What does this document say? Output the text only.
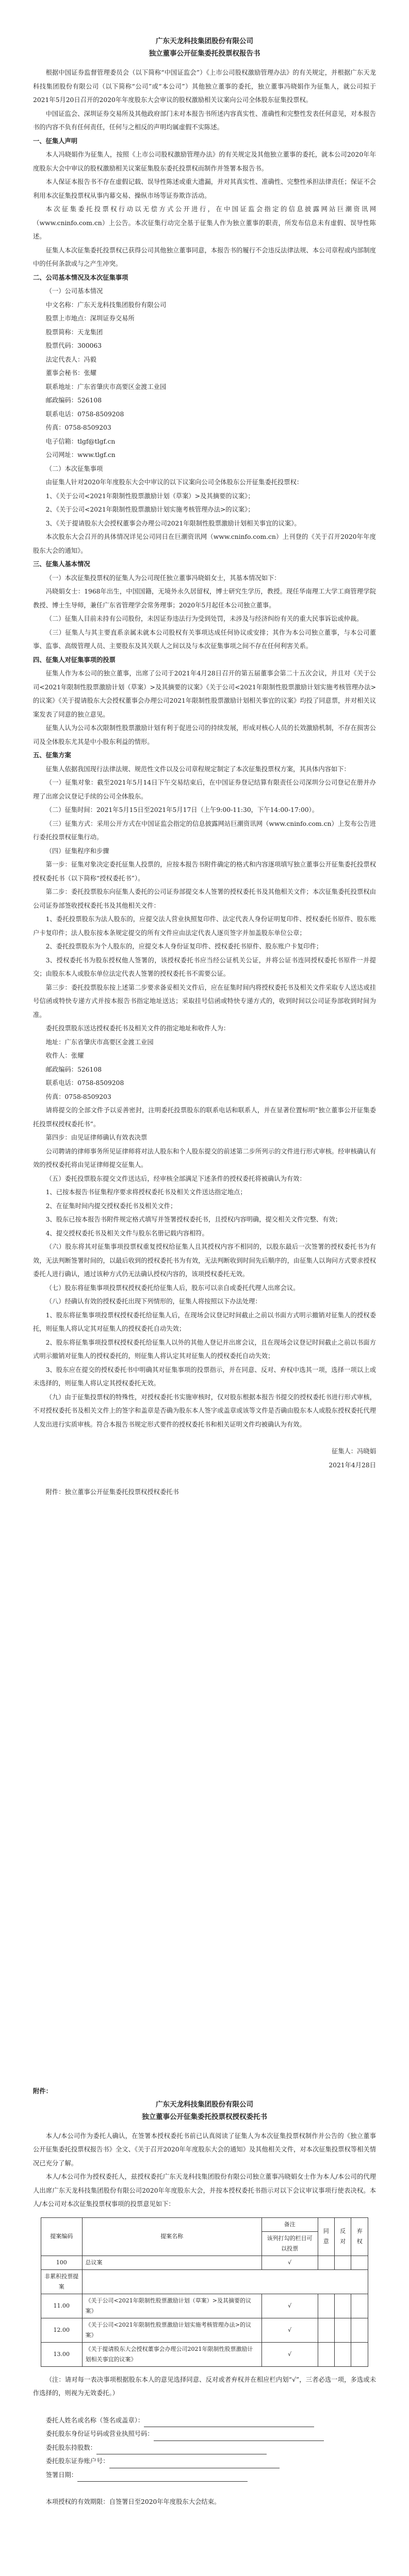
广东天龙科技集团股份有限公司
独立董事公开征集委托投票权报告书

根据中国证券监督管理委员会（以下简称“中国证监会”）《上市公司股权激励管理办法》的有关规定，并根据广东天龙科技集团股份有限公司（以下简称“公司”或“本公司”）其他独立董事的委托，独立董事冯晓娟作为征集人，就公司拟于2021年5月20日召开的2020年年度股东大会审议的股权激励相关议案向公司全体股东征集投票权。

中国证监会、深圳证券交易所及其他政府部门未对本报告书所述内容真实性、准确性和完整性发表任何意见，对本报告书的内容不负有任何责任，任何与之相反的声明均属虚假不实陈述。

一、征集人声明

本人冯晓娟作为征集人，按照《上市公司股权激励管理办法》的有关规定及其他独立董事的委托，就本公司2020年年度股东大会中审议的股权激励相关议案征集股东委托投票权而制作并签署本报告书。

本人保证本报告书不存在虚假记载、误导性陈述或重大遗漏，并对其真实性、准确性、完整性承担法律责任；保证不会利用本次征集投票权从事内幕交易、操纵市场等证券欺诈活动。

本次征集委托投票权行动以无偿方式公开进行，在中国证监会指定的信息披露网站巨潮资讯网（www.cninfo.com.cn）上公告。本次征集行动完全基于征集人作为独立董事的职责，所发布信息未有虚假、误导性陈述。

征集人本次征集委托投票权已获得公司其他独立董事同意，本报告书的履行不会违反法律法规、本公司章程或内部制度中的任何条款或与之产生冲突。

二、公司基本情况及本次征集事项

（一）公司基本情况

中文名称：广东天龙科技集团股份有限公司

股票上市地点：深圳证券交易所

股票简称：天龙集团

股票代码：300063

法定代表人：冯毅

董事会秘书：张耀

联系地址：广东省肇庆市高要区金渡工业园

邮政编码：526108

联系电话：0758-8509208

传真：0758-8509203

电子信箱：tlgf@tlgf.cn

公司网址：www.tlgf.cn

（二）本次征集事项

由征集人针对2020年年度股东大会中审议的以下议案向公司全体股东公开征集委托投票权：

1、《关于公司<2021年限制性股票激励计划（草案）>及其摘要的议案》；

2、《关于公司<2021年限制性股票激励计划实施考核管理办法>的议案》；

3、《关于提请股东大会授权董事会办理公司2021年限制性股票激励计划相关事宜的议案》。

本次股东大会召开的具体情况详见公司同日在巨潮资讯网（www.cninfo.com.cn）上刊登的《关于召开2020年年度股东大会的通知》。

三、征集人基本情况

（一）本次征集投票权的征集人为公司现任独立董事冯晓娟女士，其基本情况如下：

冯晓娟女士：1968年出生，中国国籍，无境外永久居留权，博士研究生学历，教授。现任华南理工大学工商管理学院教授、博士生导师，兼任广东省管理学会常务理事；2020年5月起任本公司独立董事。

（二）征集人目前未持有公司股份，未因证券违法行为受到处罚，未涉及与经济纠纷有关的重大民事诉讼或仲裁。

（三）征集人与其主要直系亲属未就本公司股权有关事项达成任何协议或安排；其作为本公司独立董事，与本公司董事、监事、高级管理人员、主要股东及其关联人之间以及与本次征集事项之间不存在任何利害关系。

四、征集人对征集事项的投票

征集人作为本公司的独立董事，出席了公司于2021年4月28日召开的第五届董事会第二十五次会议，并且对《关于公司<2021年限制性股票激励计划（草案）>及其摘要的议案》《关于公司<2021年限制性股票激励计划实施考核管理办法>的议案》《关于提请股东大会授权董事会办理公司2021年限制性股票激励计划相关事宜的议案》均投了同意票，并对相关议案发表了同意的独立意见。

征集人认为公司本次限制性股票激励计划有利于促进公司的持续发展，形成对核心人员的长效激励机制，不存在损害公司及全体股东尤其是中小股东利益的情形。

五、征集方案

征集人依据我国现行法律法规、规范性文件以及公司章程规定制定了本次征集投票权方案，其具体内容如下：

（一）征集对象：截至2021年5月14日下午交易结束后，在中国证券登记结算有限责任公司深圳分公司登记在册并办理了出席会议登记手续的公司全体股东。

（二）征集时间：2021年5月15日至2021年5月17日（上午9:00-11:30，下午14:00-17:00）。

（三）征集方式：采用公开方式在中国证监会指定的信息披露网站巨潮资讯网（www.cninfo.com.cn）上发布公告进行委托投票权征集行动。

（四）征集程序和步骤

第一步：征集对象决定委托征集人投票的，应按本报告书附件确定的格式和内容逐项填写独立董事公开征集委托投票权授权委托书（以下简称“授权委托书”）。

第二步：委托投票股东向征集人委托的公司证券部提交本人签署的授权委托书及其他相关文件；本次征集委托投票权由公司证券部签收授权委托书及其他相关文件：

1、委托投票股东为法人股东的，应提交法人营业执照复印件、法定代表人身份证明复印件、授权委托书原件、股东账户卡复印件；法人股东按本条规定提交的所有文件应由法定代表人逐页签字并加盖股东单位公章；

2、委托投票股东为个人股东的，应提交本人身份证复印件、授权委托书原件、股东账户卡复印件；

3、授权委托书为股东授权他人签署的，该授权委托书应当经公证机关公证，并将公证书连同授权委托书原件一并提交；由股东本人或股东单位法定代表人签署的授权委托书不需要公证。

第三步：委托投票股东按上述第二步要求备妥相关文件后，应在征集时间内将授权委托书及相关文件采取专人送达或挂号信函或特快专递方式并按本报告书指定地址送达；采取挂号信函或特快专递方式的，收到时间以公司证券部收到时间为准。

委托投票股东送达授权委托书及相关文件的指定地址和收件人为：

地址：广东省肇庆市高要区金渡工业园

收件人：张耀

邮政编码：526108

联系电话：0758-8509208

传真：0758-8509203

请将提交的全部文件予以妥善密封，注明委托投票股东的联系电话和联系人，并在显著位置标明“独立董事公开征集委托投票权授权委托书”。

第四步：由见证律师确认有效表决票

公司聘请的律师事务所见证律师将对法人股东和个人股东提交的前述第二步所列示的文件进行形式审核。经审核确认有效的授权委托将由见证律师提交征集人。

（五）委托投票股东提交文件送达后，经审核全部满足下述条件的授权委托将被确认为有效：

1、已按本报告书征集程序要求将授权委托书及相关文件送达指定地点；

2、在征集时间内提交授权委托书及相关文件；

3、股东已按本报告书附件规定格式填写并签署授权委托书，且授权内容明确，提交相关文件完整、有效；

4、提交授权委托书及相关文件与股东名册记载内容相符。

（六）股东将其对征集事项投票权重复授权给征集人且其授权内容不相同的，以股东最后一次签署的授权委托书为有效，无法判断签署时间的，以最后收到的授权委托书为有效，无法判断收到时间先后顺序的，由征集人以询问方式要求授权委托人进行确认，通过该种方式仍无法确认授权内容的，该项授权委托无效。

（七）股东将征集事项投票权授权委托给征集人后，股东可以亲自或委托代理人出席会议。

（八）经确认有效的授权委托出现下列情形的，征集人将按照以下办法处理：

1、股东将征集事项投票权授权委托给征集人后，在现场会议登记时间截止之前以书面方式明示撤销对征集人的授权委托，则征集人将认定其对征集人的授权委托自动失效；

2、股东将征集事项投票权授权委托给征集人以外的其他人登记并出席会议，且在现场会议登记时间截止之前以书面方式明示撤销对征集人的授权委托的，则征集人将认定其对征集人的授权委托自动失效；

3、股东应在提交的授权委托书中明确其对征集事项的投票指示，并在同意、反对、弃权中选其一项，选择一项以上或未选择的，则征集人将认定其授权委托无效。

（九）由于征集投票权的特殊性，对授权委托书实施审核时，仅对股东根据本报告书提交的授权委托书进行形式审核，不对授权委托书及相关文件上的签字和盖章是否确为股东本人签字或盖章或该等文件是否确由股东本人或股东授权委托代理人发出进行实质审核。符合本报告书规定形式要件的授权委托书和相关证明文件均被确认为有效。

征集人：冯晓娟

2021年4月28日

附件：独立董事公开征集委托投票权授权委托书

附件：

广东天龙科技集团股份有限公司
独立董事公开征集委托投票权授权委托书

本人/本公司作为委托人确认，在签署本授权委托书前已认真阅读了征集人为本次征集投票权制作并公告的《独立董事公开征集委托投票权报告书》全文、《关于召开2020年年度股东大会的通知》及其他相关文件，对本次征集投票权等相关情况已充分了解。

本人/本公司作为授权委托人，兹授权委托广东天龙科技集团股份有限公司独立董事冯晓娟女士作为本人/本公司的代理人出席广东天龙科技集团股份有限公司2020年年度股东大会，并按本授权委托书指示对以下会议审议事项行使表决权。本人/本公司对本次征集投票权事项的投票意见如下：

提案编码	提案名称	备注	同意	反对	弃权
		该列打勾的栏目可以投票			
100	总议案	√			
非累积投票提案					
11.00	《关于公司<2021年限制性股票激励计划（草案）>及其摘要的议案》	√			
12.00	《关于公司<2021年限制性股票激励计划实施考核管理办法>的议案》	√			
13.00	《关于提请股东大会授权董事会办理公司2021年限制性股票激励计划相关事宜的议案》	√			

（注：请对每一表决事项根据股东本人的意见选择同意、反对或者弃权并在相应栏内划“√”，三者必选一项，多选或未作选择的，则视为无效委托。）

委托人姓名或名称（签名或盖章）：

委托股东身份证号码或营业执照号码：

委托股东持股数：

委托股东证券账户号：

签署日期：

本项授权的有效期限：自签署日至2020年年度股东大会结束。
